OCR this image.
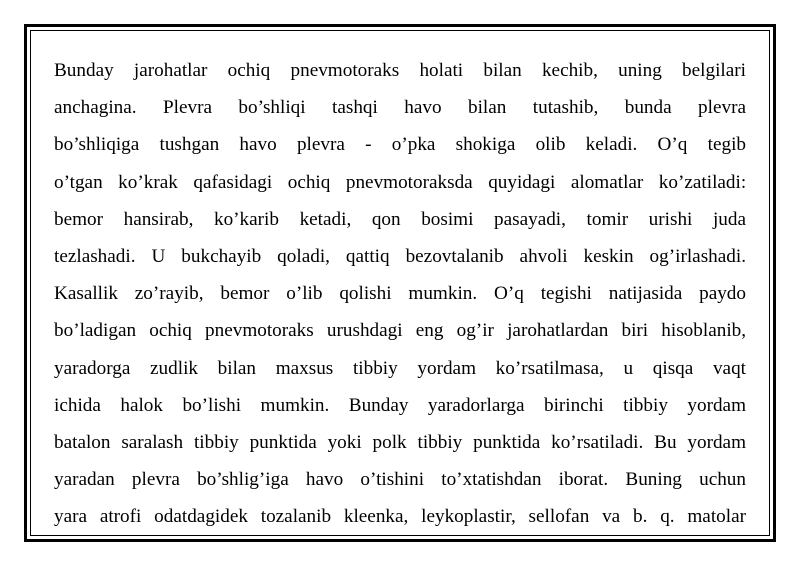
Bunday jarohatlar ochiq pnevmotoraks holati bilan kechib, uning belgilari
anchagina. Plevra bo’shliqi tashqi havo bilan tutashib, bunda plevra
bo’shliqiga tushgan havo plevra - o’pka shokiga olib keladi. O’q tegib
o’tgan ko’krak qafasidagi ochiq pnevmotoraksda quyidagi alomatlar ko’zatiladi:
bemor hansirab, ko’karib ketadi, qon bosimi pasayadi, tomir urishi juda
tezlashadi. U bukchayib qoladi, qattiq bezovtalanib ahvoli keskin og’irlashadi.
Kasallik zo’rayib, bemor o’lib qolishi mumkin. O’q tegishi natijasida paydo
bo’ladigan ochiq pnevmotoraks urushdagi eng og’ir jarohatlardan biri hisoblanib,
yaradorga zudlik bilan maxsus tibbiy yordam ko’rsatilmasa, u qisqa vaqt
ichida halok bo’lishi mumkin. Bunday yaradorlarga birinchi tibbiy yordam
batalon saralash tibbiy punktida yoki polk tibbiy punktida ko’rsatiladi. Bu yordam
yaradan plevra bo’shlig’iga havo o’tishini to’xtatishdan iborat. Buning uchun
yara atrofi odatdagidek tozalanib kleenka, leykoplastir, sellofan va b. q. matolar
